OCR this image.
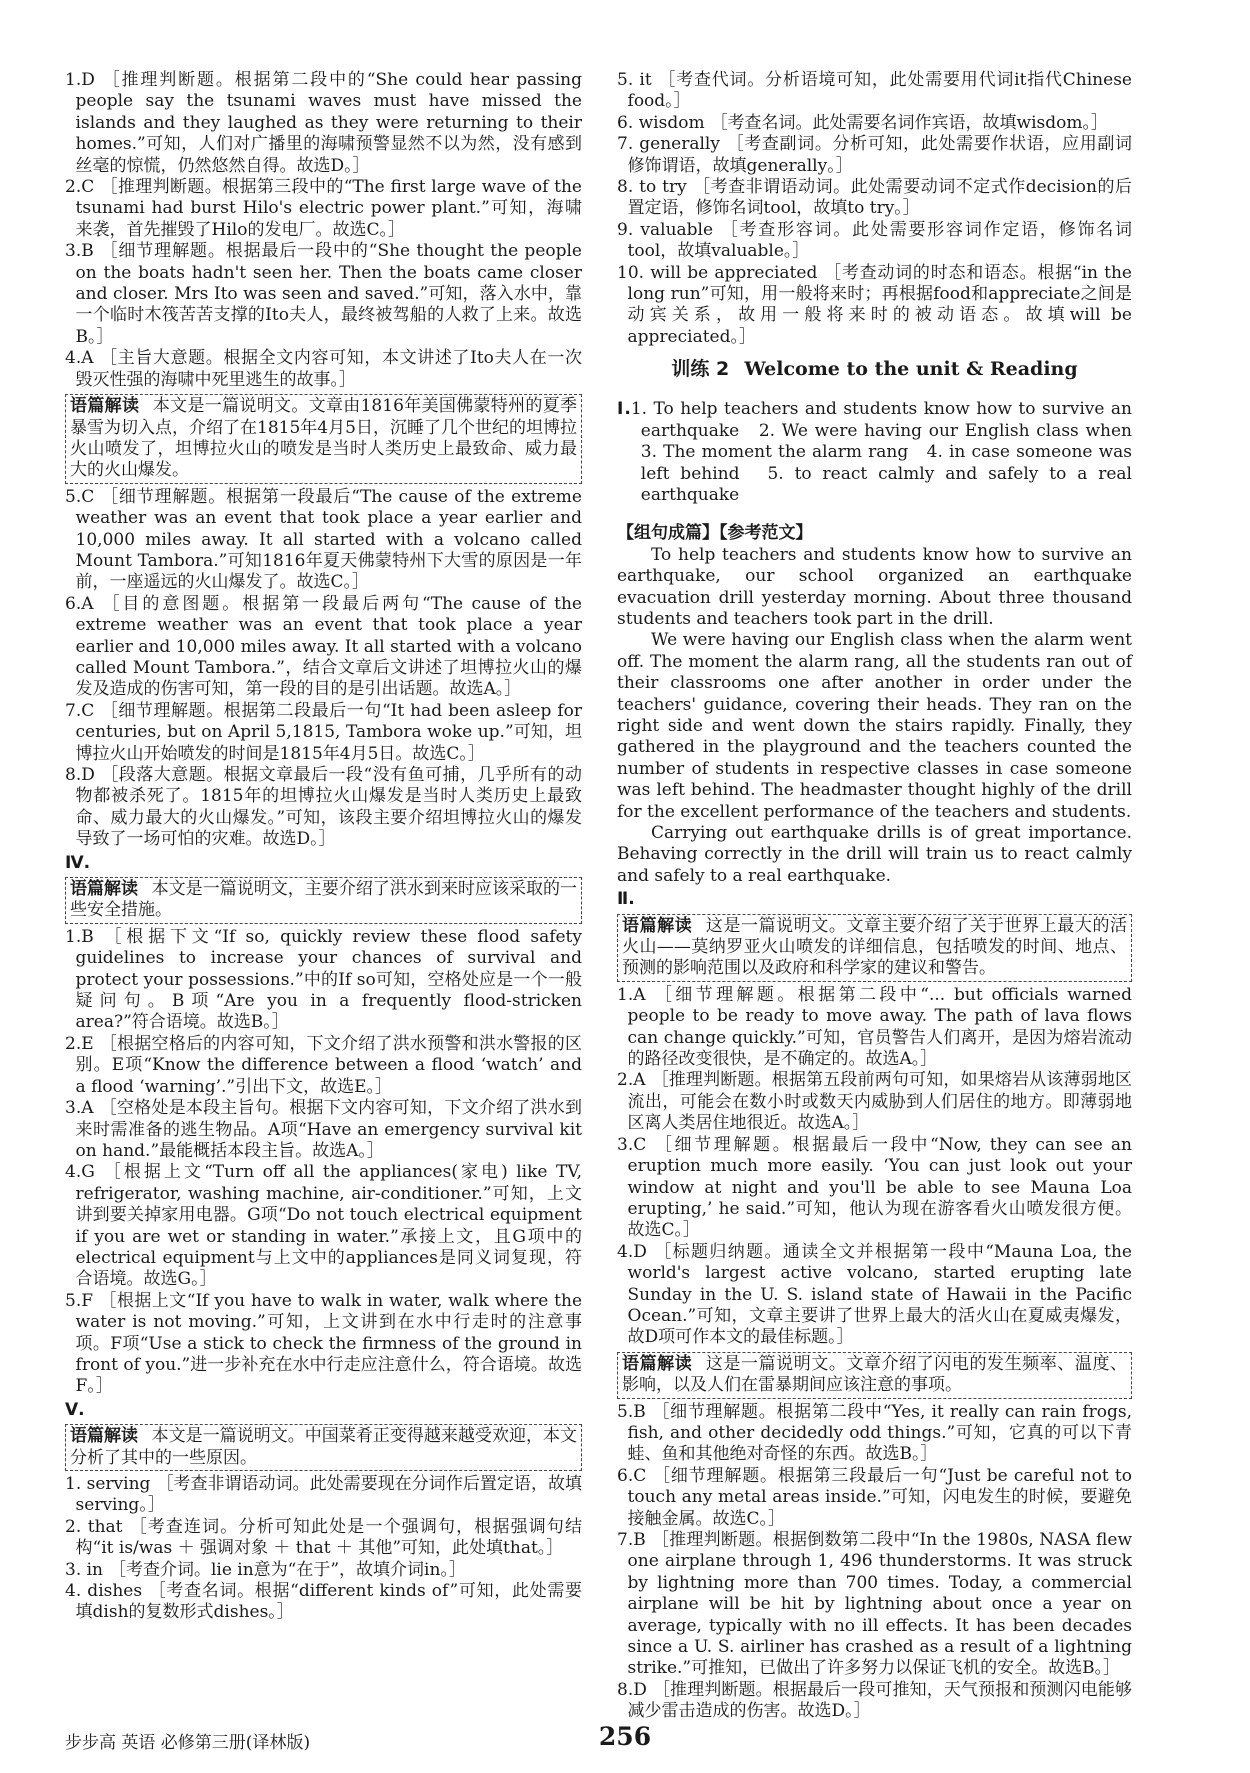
1.D ［推理判断题。根据第二段中的“She could hear passing people say the tsunami waves must have missed the islands and they laughed as they were returning to their homes.”可知，人们对广播里的海啸预警显然不以为然，没有感到丝毫的惊慌，仍然悠然自得。故选D。］

2.C ［推理判断题。根据第三段中的“The first large wave of the tsunami had burst Hilo's electric power plant.”可知，海啸来袭，首先摧毁了Hilo的发电厂。故选C。］

3.B ［细节理解题。根据最后一段中的“She thought the people on the boats hadn't seen her. Then the boats came closer and closer. Mrs Ito was seen and saved.”可知，落入水中，靠一个临时木筏苦苦支撑的Ito夫人，最终被驾船的人救了上来。故选B。］

4.A ［主旨大意题。根据全文内容可知，本文讲述了Ito夫人在一次毁灭性强的海啸中死里逃生的故事。］

语篇解读 本文是一篇说明文。文章由1816年美国佛蒙特州的夏季暴雪为切入点，介绍了在1815年4月5日，沉睡了几个世纪的坦博拉火山喷发了，坦博拉火山的喷发是当时人类历史上最致命、威力最大的火山爆发。

5.C ［细节理解题。根据第一段最后“The cause of the extreme weather was an event that took place a year earlier and 10,000 miles away. It all started with a volcano called Mount Tambora.”可知1816年夏天佛蒙特州下大雪的原因是一年前，一座遥远的火山爆发了。故选C。］

6.A ［目的意图题。根据第一段最后两句“The cause of the extreme weather was an event that took place a year earlier and 10,000 miles away. It all started with a volcano called Mount Tambora.”，结合文章后文讲述了坦博拉火山的爆发及造成的伤害可知，第一段的目的是引出话题。故选A。］

7.C ［细节理解题。根据第二段最后一句“It had been asleep for centuries, but on April 5,1815, Tambora woke up.”可知，坦博拉火山开始喷发的时间是1815年4月5日。故选C。］

8.D ［段落大意题。根据文章最后一段“没有鱼可捕，几乎所有的动物都被杀死了。1815年的坦博拉火山爆发是当时人类历史上最致命、威力最大的火山爆发。”可知，该段主要介绍坦博拉火山的爆发导致了一场可怕的灾难。故选D。］

Ⅳ.
语篇解读 本文是一篇说明文，主要介绍了洪水到来时应该采取的一些安全措施。

1.B ［根据下文“If so, quickly review these flood safety guidelines to increase your chances of survival and protect your possessions.”中的If so可知，空格处应是一个一般疑问句。B项“Are you in a frequently flood-stricken area?”符合语境。故选B。］

2.E ［根据空格后的内容可知，下文介绍了洪水预警和洪水警报的区别。E项“Know the difference between a flood ‘watch’ and a flood ‘warning’.”引出下文，故选E。］

3.A ［空格处是本段主旨句。根据下文内容可知，下文介绍了洪水到来时需准备的逃生物品。A项“Have an emergency survival kit on hand.”最能概括本段主旨。故选A。］

4.G ［根据上文“Turn off all the appliances(家电) like TV, refrigerator, washing machine, air-conditioner.”可知，上文讲到要关掉家用电器。G项“Do not touch electrical equipment if you are wet or standing in water.”承接上文，且G项中的electrical equipment与上文中的appliances是同义词复现，符合语境。故选G。］

5.F ［根据上文“If you have to walk in water, walk where the water is not moving.”可知，上文讲到在水中行走时的注意事项。F项“Use a stick to check the firmness of the ground in front of you.”进一步补充在水中行走应注意什么，符合语境。故选F。］

Ⅴ.
语篇解读 本文是一篇说明文。中国菜肴正变得越来越受欢迎，本文分析了其中的一些原因。

1. serving ［考查非谓语动词。此处需要现在分词作后置定语，故填serving。］

2. that ［考查连词。分析可知此处是一个强调句，根据强调句结构“it is/was ＋ 强调对象 ＋ that ＋ 其他”可知，此处填that。］

3. in ［考查介词。lie in意为“在于”，故填介词in。］

4. dishes ［考查名词。根据“different kinds of”可知，此处需要填dish的复数形式dishes。］

5. it ［考查代词。分析语境可知，此处需要用代词it指代Chinese food。］

6. wisdom ［考查名词。此处需要名词作宾语，故填wisdom。］

7. generally ［考查副词。分析可知，此处需要作状语，应用副词修饰谓语，故填generally。］

8. to try ［考查非谓语动词。此处需要动词不定式作decision的后置定语，修饰名词tool，故填to try。］

9. valuable ［考查形容词。此处需要形容词作定语，修饰名词tool，故填valuable。］

10. will be appreciated ［考查动词的时态和语态。根据“in the long run”可知，用一般将来时；再根据food和appreciate之间是动宾关系，故用一般将来时的被动语态。故填will be appreciated。］

训练 2 Welcome to the unit & Reading

Ⅰ.1. To help teachers and students know how to survive an earthquake　2. We were having our English class when　3. The moment the alarm rang　4. in case someone was left behind　5. to react calmly and safely to a real earthquake

【组句成篇】【参考范文】

To help teachers and students know how to survive an earthquake, our school organized an earthquake evacuation drill yesterday morning. About three thousand students and teachers took part in the drill.

We were having our English class when the alarm went off. The moment the alarm rang, all the students ran out of their classrooms one after another in order under the teachers' guidance, covering their heads. They ran on the right side and went down the stairs rapidly. Finally, they gathered in the playground and the teachers counted the number of students in respective classes in case someone was left behind. The headmaster thought highly of the drill for the excellent performance of the teachers and students.

Carrying out earthquake drills is of great importance. Behaving correctly in the drill will train us to react calmly and safely to a real earthquake.

Ⅱ.
语篇解读 这是一篇说明文。文章主要介绍了关于世界上最大的活火山——莫纳罗亚火山喷发的详细信息，包括喷发的时间、地点、预测的影响范围以及政府和科学家的建议和警告。

1.A ［细节理解题。根据第二段中“... but officials warned people to be ready to move away. The path of lava flows can change quickly.”可知，官员警告人们离开，是因为熔岩流动的路径改变很快，是不确定的。故选A。］

2.A ［推理判断题。根据第五段前两句可知，如果熔岩从该薄弱地区流出，可能会在数小时或数天内威胁到人们居住的地方。即薄弱地区离人类居住地很近。故选A。］

3.C ［细节理解题。根据最后一段中“Now, they can see an eruption much more easily. ‘You can just look out your window at night and you'll be able to see Mauna Loa erupting,’ he said.”可知，他认为现在游客看火山喷发很方便。故选C。］

4.D ［标题归纳题。通读全文并根据第一段中“Mauna Loa, the world's largest active volcano, started erupting late Sunday in the U. S. island state of Hawaii in the Pacific Ocean.”可知，文章主要讲了世界上最大的活火山在夏威夷爆发，故D项可作本文的最佳标题。］

语篇解读 这是一篇说明文。文章介绍了闪电的发生频率、温度、影响，以及人们在雷暴期间应该注意的事项。

5.B ［细节理解题。根据第二段中“Yes, it really can rain frogs, fish, and other decidedly odd things.”可知，它真的可以下青蛙、鱼和其他绝对奇怪的东西。故选B。］

6.C ［细节理解题。根据第三段最后一句“Just be careful not to touch any metal areas inside.”可知，闪电发生的时候，要避免接触金属。故选C。］

7.B ［推理判断题。根据倒数第二段中“In the 1980s, NASA flew one airplane through 1, 496 thunderstorms. It was struck by lightning more than 700 times. Today, a commercial airplane will be hit by lightning about once a year on average, typically with no ill effects. It has been decades since a U. S. airliner has crashed as a result of a lightning strike.”可推知，已做出了许多努力以保证飞机的安全。故选B。］

8.D ［推理判断题。根据最后一段可推知，天气预报和预测闪电能够减少雷击造成的伤害。故选D。］

步步高 英语 必修第三册(译林版)	256
